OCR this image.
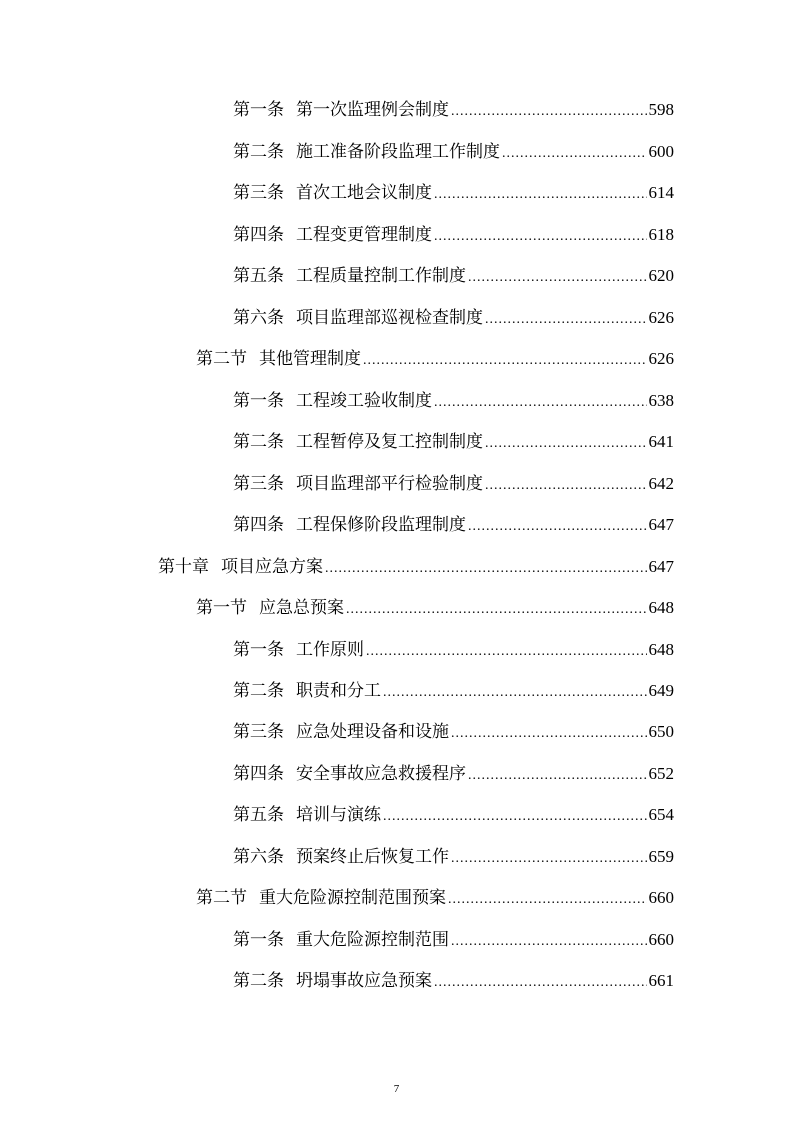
第一条 第一次监理例会制度 .....	598
第二条 施工准备阶段监理工作制度 .....	600
第三条 首次工地会议制度 .....	614
第四条 工程变更管理制度 .....	618
第五条 工程质量控制工作制度 .....	620
第六条 项目监理部巡视检查制度 .....	626
第二节 其他管理制度 .....	626
第一条 工程竣工验收制度 .....	638
第二条 工程暂停及复工控制制度 .....	641
第三条 项目监理部平行检验制度 .....	642
第四条 工程保修阶段监理制度 .....	647
第十章 项目应急方案 .....	647
第一节 应急总预案 .....	648
第一条 工作原则 .....	648
第二条 职责和分工 .....	649
第三条 应急处理设备和设施 .....	650
第四条 安全事故应急救援程序 .....	652
第五条 培训与演练 .....	654
第六条 预案终止后恢复工作 .....	659
第二节 重大危险源控制范围预案 .....	660
第一条 重大危险源控制范围 .....	660
第二条 坍塌事故应急预案 .....	661
7
